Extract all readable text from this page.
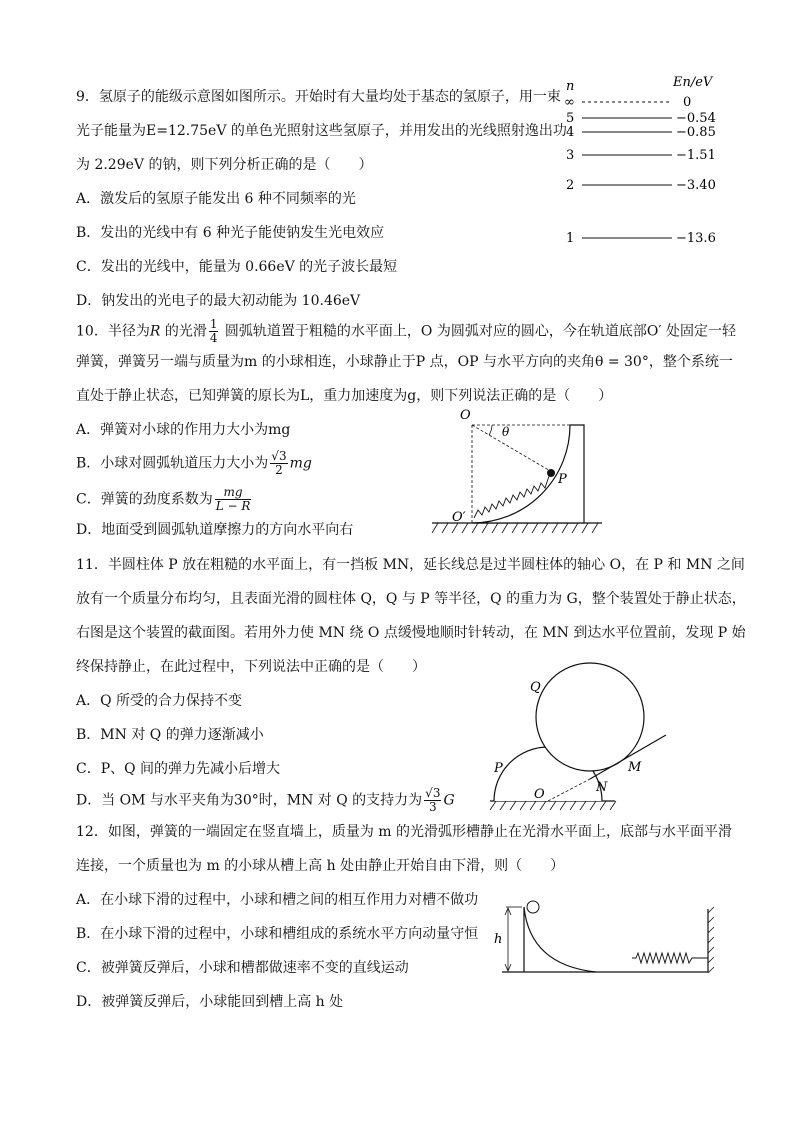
9．氢原子的能级示意图如图所示。开始时有大量均处于基态的氢原子，用一束
光子能量为E=12.75eV 的单色光照射这些氢原子，并用发出的光线照射逸出功
为 2.29eV 的钠，则下列分析正确的是（　　）
A．激发后的氢原子能发出 6 种不同频率的光
B．发出的光线中有 6 种光子能使钠发生光电效应
C．发出的光线中，能量为 0.66eV 的光子波长最短
D．钠发出的光电子的最大初动能为 10.46eV
n	En/eV
∞	0
5	−0.54
4	−0.85
3	−1.51
2	−3.40
1	−13.6
10．半径为R 的光滑 $\frac{1}{4}$ 圆弧轨道置于粗糙的水平面上，O 为圆弧对应的圆心，今在轨道底部O′ 处固定一轻
弹簧，弹簧另一端与质量为m 的小球相连，小球静止于P 点，OP 与水平方向的夹角θ = 30°，整个系统一
直处于静止状态，已知弹簧的原长为L，重力加速度为g，则下列说法正确的是（　　）
A．弹簧对小球的作用力大小为mg
B．小球对圆弧轨道压力大小为 $\frac{√3}{2}$ mg
C．弹簧的劲度系数为 $\frac{mg}{L - R}$
D．地面受到圆弧轨道摩擦力的方向水平向右
O
θ
P
O′
11．半圆柱体 P 放在粗糙的水平面上，有一挡板 MN，延长线总是过半圆柱体的轴心 O，在 P 和 MN 之间
放有一个质量分布均匀，且表面光滑的圆柱体 Q，Q 与 P 等半径，Q 的重力为 G，整个装置处于静止状态，
右图是这个装置的截面图。若用外力使 MN 绕 O 点缓慢地顺时针转动，在 MN 到达水平位置前，发现 P 始
终保持静止，在此过程中，下列说法中正确的是（　　）
A．Q 所受的合力保持不变
B．MN 对 Q 的弹力逐渐减小
C．P、Q 间的弹力先减小后增大
D．当 OM 与水平夹角为30°时，MN 对 Q 的支持力为 $\frac{√3}{3}$ G
Q
P
O	N
M
12．如图，弹簧的一端固定在竖直墙上，质量为 m 的光滑弧形槽静止在光滑水平面上，底部与水平面平滑
连接，一个质量也为 m 的小球从槽上高 h 处由静止开始自由下滑，则（　　）
A．在小球下滑的过程中，小球和槽之间的相互作用力对槽不做功
B．在小球下滑的过程中，小球和槽组成的系统水平方向动量守恒
C．被弹簧反弹后，小球和槽都做速率不变的直线运动
D．被弹簧反弹后，小球能回到槽上高 h 处
h
